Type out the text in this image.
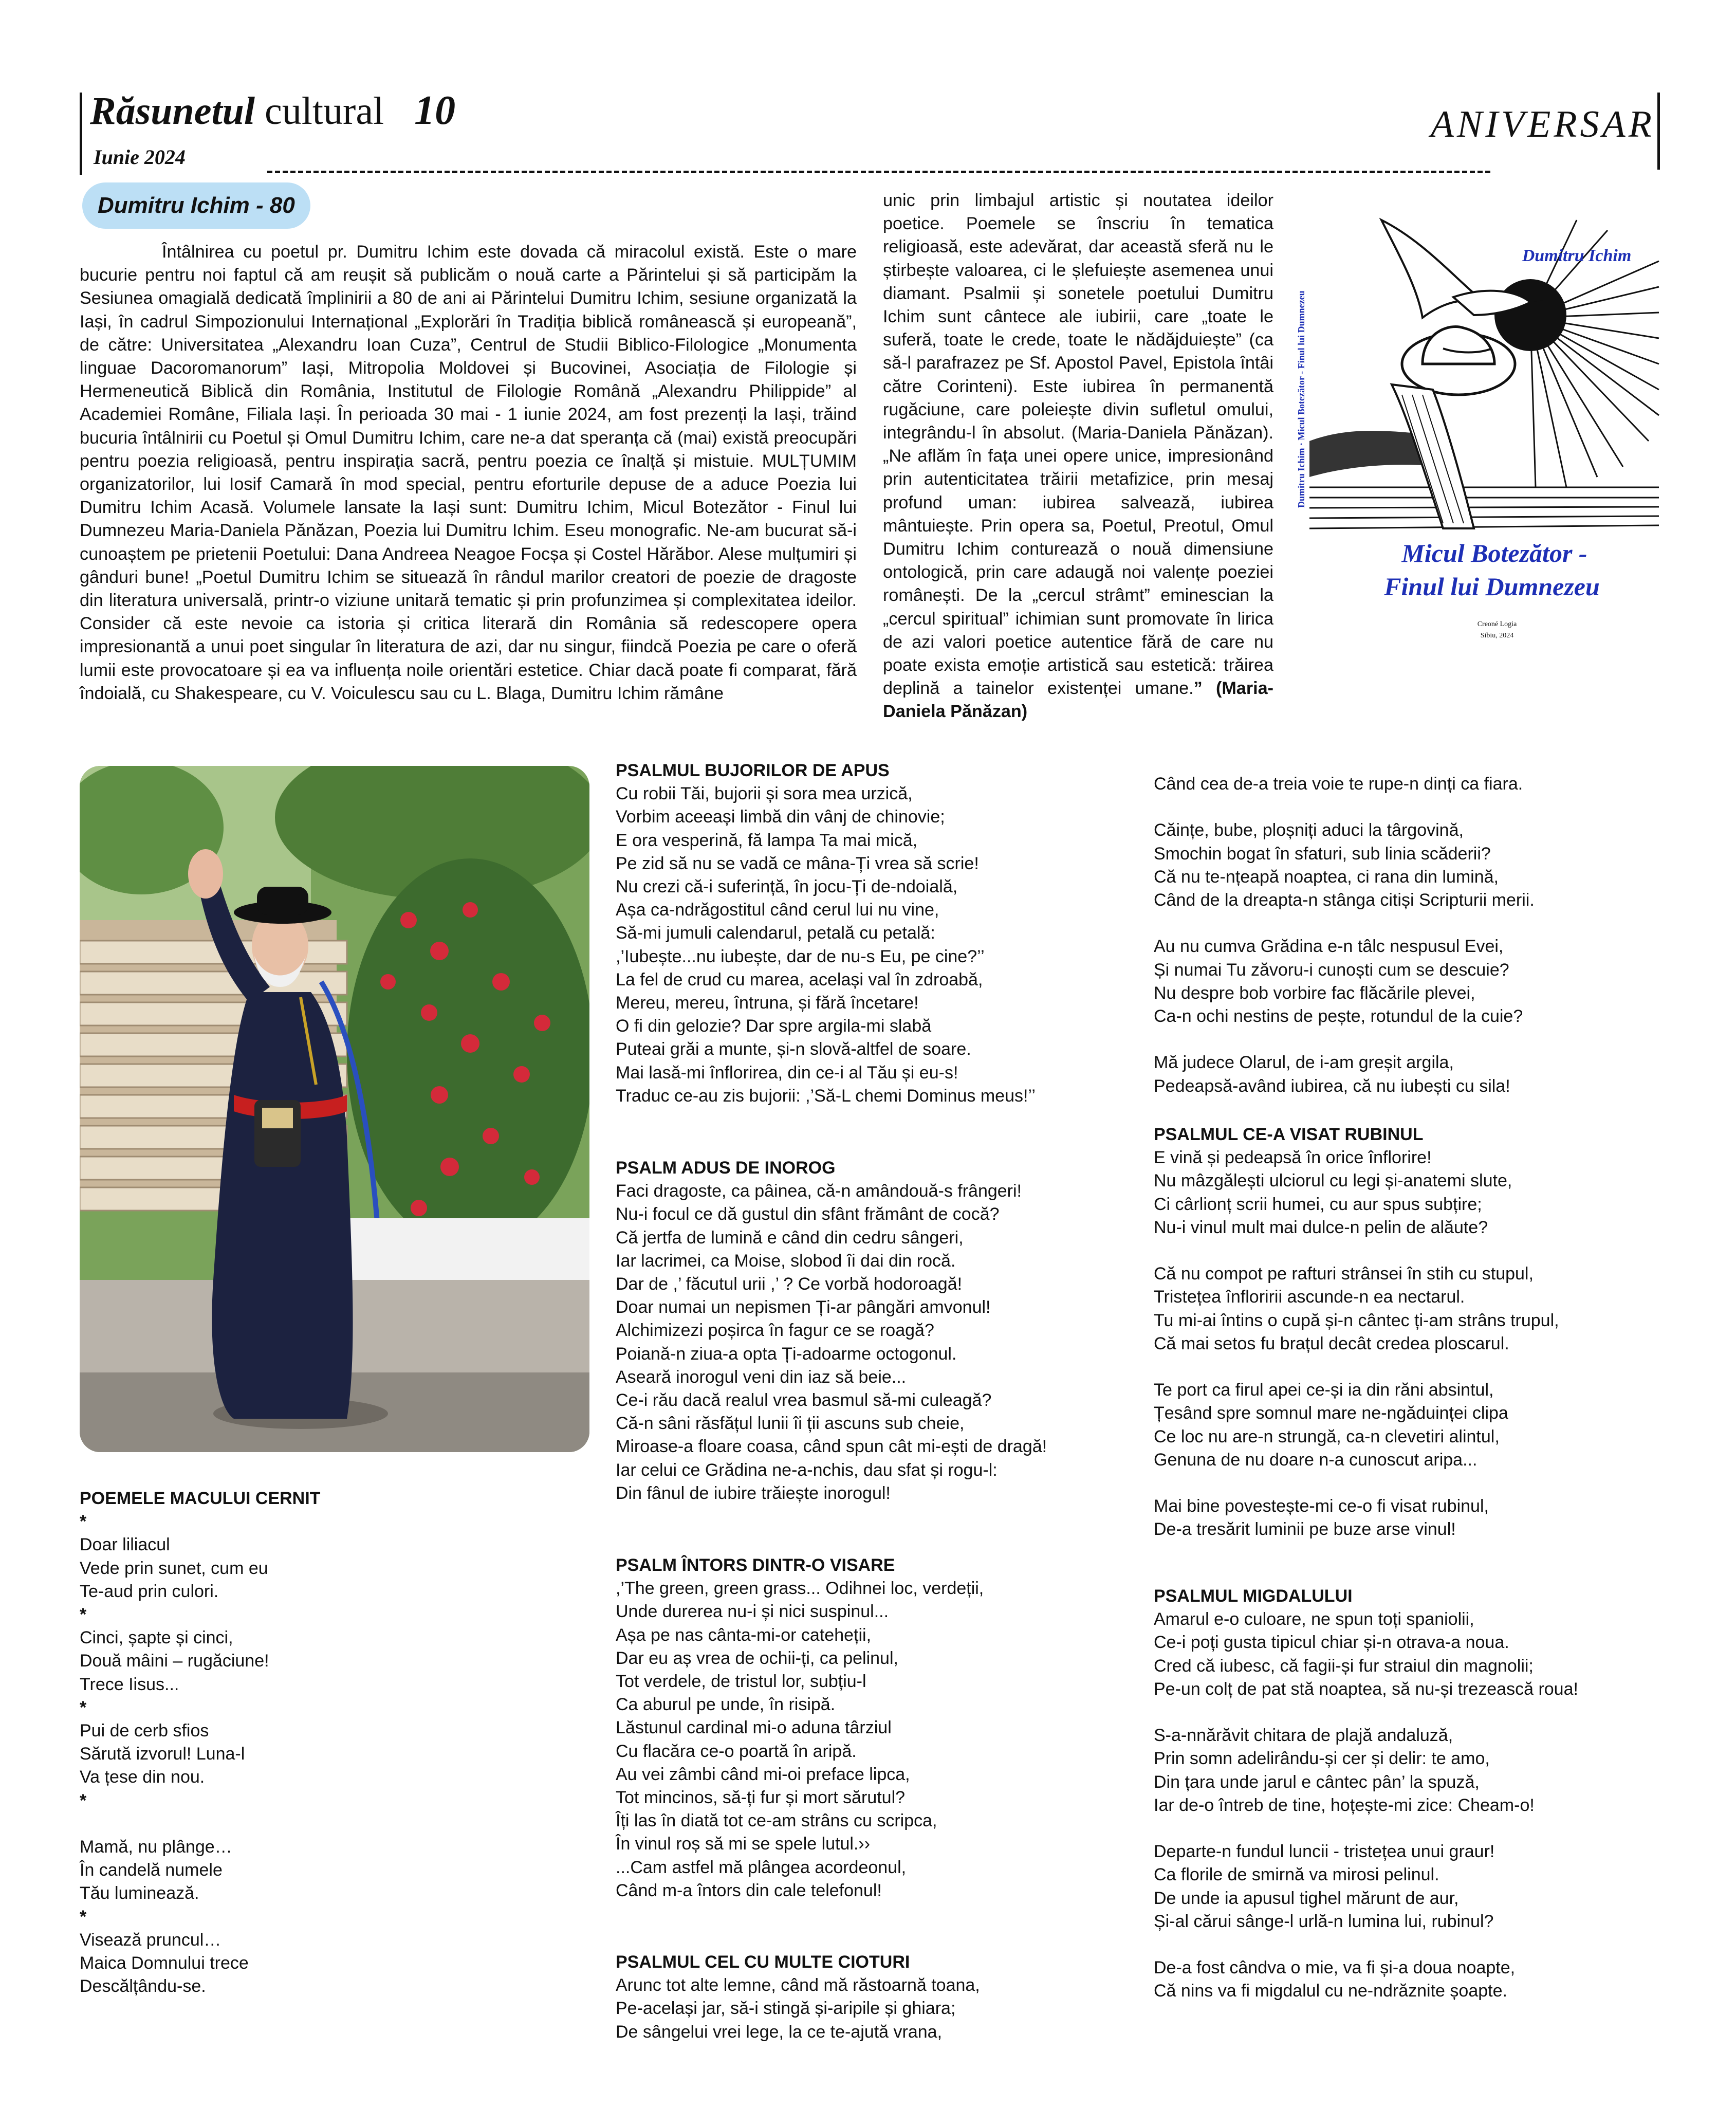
Răsunetul cultural 10
Iunie 2024
ANIVERSAR
Dumitru Ichim - 80
Întâlnirea cu poetul pr. Dumitru Ichim este dovada că miracolul există. Este o mare bucurie pentru noi faptul că am reușit să publicăm o nouă carte a Părintelui și să participăm la Sesiunea omagială dedicată împlinirii a 80 de ani ai Părintelui Dumitru Ichim, sesiune organizată la Iași, în cadrul Simpozionului Internațional „Explorări în Tradiția biblică românească și europeană”, de către: Universitatea „Alexandru Ioan Cuza”, Centrul de Studii Biblico-Filologice „Monumenta linguae Dacoromanorum” Iași, Mitropolia Moldovei și Bucovinei, Asociația de Filologie și Hermeneutică Biblică din România, Institutul de Filologie Română „Alexandru Philippide” al Academiei Române, Filiala Iași. În perioada 30 mai - 1 iunie 2024, am fost prezenți la Iași, trăind bucuria întâlnirii cu Poetul și Omul Dumitru Ichim, care ne-a dat speranța că (mai) există preocupări pentru poezia religioasă, pentru inspirația sacră, pentru poezia ce înalță și mistuie. MULȚUMIM organizatorilor, lui Iosif Camară în mod special, pentru eforturile depuse de a aduce Poezia lui Dumitru Ichim Acasă. Volumele lansate la Iași sunt: Dumitru Ichim, Micul Botezător - Finul lui Dumnezeu Maria-Daniela Pănăzan, Poezia lui Dumitru Ichim. Eseu monografic. Ne-am bucurat să-i cunoaștem pe prietenii Poetului: Dana Andreea Neagoe Focșa și Costel Hărăbor. Alese mulțumiri și gânduri bune! „Poetul Dumitru Ichim se situează în rândul marilor creatori de poezie de dragoste din literatura universală, printr-o viziune unitară tematic și prin profunzimea și complexitatea ideilor. Consider că este nevoie ca istoria și critica literară din România să redescopere opera impresionantă a unui poet singular în literatura de azi, dar nu singur, fiindcă Poezia pe care o oferă lumii este provocatoare și ea va influența noile orientări estetice. Chiar dacă poate fi comparat, fără îndoială, cu Shakespeare, cu V. Voiculescu sau cu L. Blaga, Dumitru Ichim rămâne
unic prin limbajul artistic și noutatea ideilor poetice. Poemele se înscriu în tematica religioasă, este adevărat, dar această sferă nu le știrbește valoarea, ci le șlefuiește asemenea unui diamant. Psalmii și sonetele poetului Dumitru Ichim sunt cântece ale iubirii, care „toate le suferă, toate le crede, toate le nădăjduiește” (ca să-l parafrazez pe Sf. Apostol Pavel, Epistola întâi către Corinteni). Este iubirea în permanentă rugăciune, care poleiește divin sufletul omului, integrându-l în absolut. (Maria-Daniela Pănăzan). „Ne aflăm în fața unei opere unice, impresionând prin autenticitatea trăirii metafizice, prin mesaj profund uman: iubirea salvează, iubirea mântuiește. Prin opera sa, Poetul, Preotul, Omul Dumitru Ichim conturează o nouă dimensiune ontologică, prin care adaugă noi valențe poeziei românești. De la „cercul strâmt” eminescian la „cercul spiritual” ichimian sunt promovate în lirica de azi valori poetice autentice fără de care nu poate exista emoție artistică sau estetică: trăirea deplină a tainelor existenței umane.” (Maria-Daniela Pănăzan)
Dumitru Ichim
Dumitru Ichim · Micul Botezător - Finul lui Dumnezeu
Micul Botezător -
Finul lui Dumnezeu
Creoné Logia
Sibiu, 2024
POEMELE MACULUI CERNIT

*

Doar liliacul

Vede prin sunet, cum eu

Te-aud prin culori.

*

Cinci, șapte și cinci,

Două mâini – rugăciune!

Trece Iisus...

*

Pui de cerb sfios

Sărută izvorul! Luna-l

Va țese din nou.

*

Mamă, nu plânge…

În candelă numele

Tău luminează.

*

Visează pruncul…

Maica Domnului trece

Descălțându-se.

PSALMUL BUJORILOR DE APUS

Cu robii Tăi, bujorii și sora mea urzică,

Vorbim aceeași limbă din vânj de chinovie;

E ora vesperină, fă lampa Ta mai mică,

Pe zid să nu se vadă ce mâna-Ți vrea să scrie!

Nu crezi că-i suferință, în jocu-Ți de-ndoială,

Așa ca-ndrăgostitul când cerul lui nu vine,

Să-mi jumuli calendarul, petală cu petală:

,’Iubește...nu iubește, dar de nu-s Eu, pe cine?’’

La fel de crud cu marea, același val în zdroabă,

Mereu, mereu, întruna, și fără încetare!

O fi din gelozie? Dar spre argila-mi slabă

Puteai grăi a munte, și-n slovă-altfel de soare.

Mai lasă-mi înflorirea, din ce-i al Tău și eu-s!

Traduc ce-au zis bujorii: ,’Să-L chemi Dominus meus!’’

PSALM ADUS DE INOROG

Faci dragoste, ca pâinea, că-n amândouă-s frângeri!

Nu-i focul ce dă gustul din sfânt frământ de cocă?

Că jertfa de lumină e când din cedru sângeri,

Iar lacrimei, ca Moise, slobod îi dai din rocă.

Dar de ,’ făcutul urii ,’ ? Ce vorbă hodoroagă!

Doar numai un nepismen Ți-ar pângări amvonul!

Alchimizezi poșirca în fagur ce se roagă?

Poiană-n ziua-a opta Ți-adoarme octogonul.

Aseară inorogul veni din iaz să beie...

Ce-i rău dacă realul vrea basmul să-mi culeagă?

Că-n sâni răsfățul lunii îi ții ascuns sub cheie,

Miroase-a floare coasa, când spun cât mi-ești de dragă!

Iar celui ce Grădina ne-a-nchis, dau sfat și rogu-l:

Din fânul de iubire trăiește inorogul!

PSALM ÎNTORS DINTR-O VISARE

,’The green, green grass... Odihnei loc, verdeții,

Unde durerea nu-i și nici suspinul...

Așa pe nas cânta-mi-or cateheții,

Dar eu aș vrea de ochii-ți, ca pelinul,

Tot verdele, de tristul lor, subțiu-l

Ca aburul pe unde, în risipă.

Lăstunul cardinal mi-o aduna târziul

Cu flacăra ce-o poartă în aripă.

Au vei zâmbi când mi-oi preface lipca,

Tot mincinos, să-ți fur și mort sărutul?

Îți las în diată tot ce-am strâns cu scripca,

În vinul roș să mi se spele lutul.››

...Cam astfel mă plângea acordeonul,

Când m-a întors din cale telefonul!

PSALMUL CEL CU MULTE CIOTURI

Arunc tot alte lemne, când mă răstoarnă toana,

Pe-același jar, să-i stingă și-aripile și ghiara;

De sângelui vrei lege, la ce te-ajută vrana,

Când cea de-a treia voie te rupe-n dinți ca fiara.

Căințe, bube, ploșniți aduci la târgovină,

Smochin bogat în sfaturi, sub linia scăderii?

Că nu te-nțeapă noaptea, ci rana din lumină,

Când de la dreapta-n stânga citiși Scripturii merii.

Au nu cumva Grădina e-n tâlc nespusul Evei,

Și numai Tu zăvoru-i cunoști cum se descuie?

Nu despre bob vorbire fac flăcările plevei,

Ca-n ochi nestins de pește, rotundul de la cuie?

Mă judece Olarul, de i-am greșit argila,

Pedeapsă-având iubirea, că nu iubești cu sila!

PSALMUL CE-A VISAT RUBINUL

E vină și pedeapsă în orice înflorire!

Nu mâzgălești ulciorul cu legi și-anatemi slute,

Ci cârlionț scrii humei, cu aur spus subțire;

Nu-i vinul mult mai dulce-n pelin de alăute?

Că nu compot pe rafturi strânsei în stih cu stupul,

Tristețea înfloririi ascunde-n ea nectarul.

Tu mi-ai întins o cupă și-n cântec ți-am strâns trupul,

Că mai setos fu brațul decât credea ploscarul.

Te port ca firul apei ce-și ia din răni absintul,

Țesând spre somnul mare ne-ngăduinței clipa

Ce loc nu are-n strungă, ca-n clevetiri alintul,

Genuna de nu doare n-a cunoscut aripa...

Mai bine povestește-mi ce-o fi visat rubinul,

De-a tresărit luminii pe buze arse vinul!

PSALMUL MIGDALULUI

Amarul e-o culoare, ne spun toți spaniolii,

Ce-i poți gusta tipicul chiar și-n otrava-a noua.

Cred că iubesc, că fagii-și fur straiul din magnolii;

Pe-un colț de pat stă noaptea, să nu-și trezească roua!

S-a-nnărăvit chitara de plajă andaluză,

Prin somn adelirându-și cer și delir: te amo,

Din țara unde jarul e cântec pân’ la spuză,

Iar de-o întreb de tine, hoțește-mi zice: Cheam-o!

Departe-n fundul luncii - tristețea unui graur!

Ca florile de smirnă va mirosi pelinul.

De unde ia apusul tighel mărunt de aur,

Și-al cărui sânge-l urlă-n lumina lui, rubinul?

De-a fost cândva o mie, va fi și-a doua noapte,

Că nins va fi migdalul cu ne-ndrăznite șoapte.
